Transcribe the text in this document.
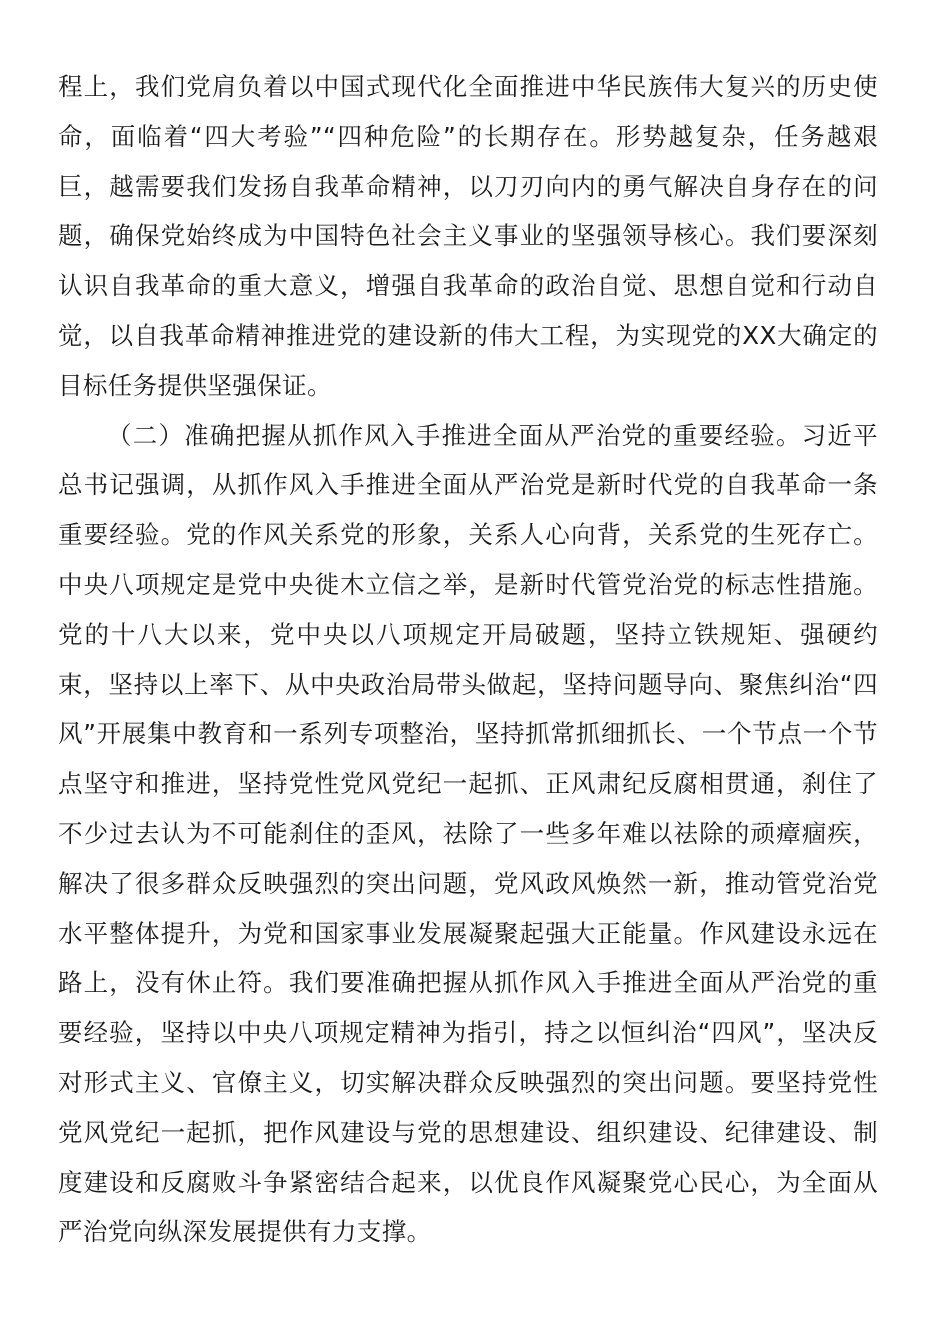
程上，我们党肩负着以中国式现代化全面推进中华民族伟大复兴的历史使命，面临着“四大考验”“四种危险”的长期存在。形势越复杂，任务越艰巨，越需要我们发扬自我革命精神，以刀刃向内的勇气解决自身存在的问题，确保党始终成为中国特色社会主义事业的坚强领导核心。我们要深刻认识自我革命的重大意义，增强自我革命的政治自觉、思想自觉和行动自觉，以自我革命精神推进党的建设新的伟大工程，为实现党的XX大确定的目标任务提供坚强保证。

（二）准确把握从抓作风入手推进全面从严治党的重要经验。习近平总书记强调，从抓作风入手推进全面从严治党是新时代党的自我革命一条重要经验。党的作风关系党的形象，关系人心向背，关系党的生死存亡。中央八项规定是党中央徙木立信之举，是新时代管党治党的标志性措施。党的十八大以来，党中央以八项规定开局破题，坚持立铁规矩、强硬约束，坚持以上率下、从中央政治局带头做起，坚持问题导向、聚焦纠治“四风”开展集中教育和一系列专项整治，坚持抓常抓细抓长、一个节点一个节点坚守和推进，坚持党性党风党纪一起抓、正风肃纪反腐相贯通，刹住了不少过去认为不可能刹住的歪风，祛除了一些多年难以祛除的顽瘴痼疾，解决了很多群众反映强烈的突出问题，党风政风焕然一新，推动管党治党水平整体提升，为党和国家事业发展凝聚起强大正能量。作风建设永远在路上，没有休止符。我们要准确把握从抓作风入手推进全面从严治党的重要经验，坚持以中央八项规定精神为指引，持之以恒纠治“四风”，坚决反对形式主义、官僚主义，切实解决群众反映强烈的突出问题。要坚持党性党风党纪一起抓，把作风建设与党的思想建设、组织建设、纪律建设、制度建设和反腐败斗争紧密结合起来，以优良作风凝聚党心民心，为全面从严治党向纵深发展提供有力支撑。
